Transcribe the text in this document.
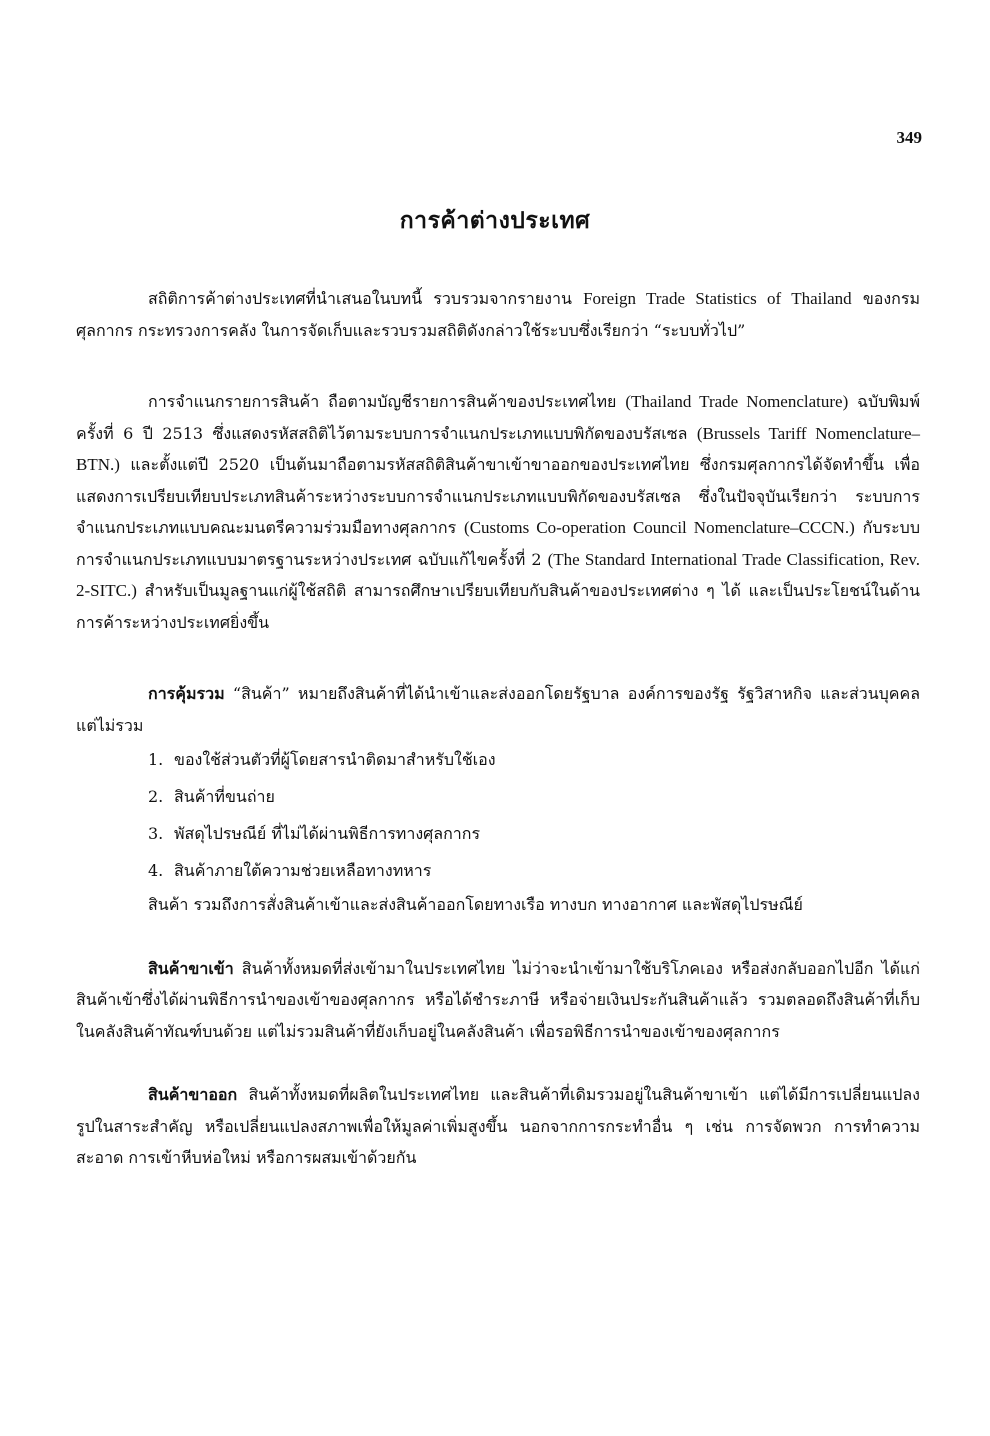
349
การค้าต่างประเทศ

สถิติการค้าต่างประเทศที่นำเสนอในบทนี้ รวบรวมจากรายงาน Foreign Trade Statistics of Thailand ของกรมศุลกากร กระทรวงการคลัง ในการจัดเก็บและรวบรวมสถิติดังกล่าวใช้ระบบซึ่งเรียกว่า “ระบบทั่วไป”

การจำแนกรายการสินค้า ถือตามบัญชีรายการสินค้าของประเทศไทย (Thailand Trade Nomenclature) ฉบับพิมพ์ครั้งที่ 6 ปี 2513 ซึ่งแสดงรหัสสถิติไว้ตามระบบการจำแนกประเภทแบบพิกัดของบรัสเซล (Brussels Tariff Nomenclature–BTN.) และตั้งแต่ปี 2520 เป็นต้นมาถือตามรหัสสถิติสินค้าขาเข้าขาออกของประเทศไทย ซึ่งกรมศุลกากรได้จัดทำขึ้น เพื่อแสดงการเปรียบเทียบประเภทสินค้าระหว่างระบบการจำแนกประเภทแบบพิกัดของบรัสเซล ซึ่งในปัจจุบันเรียกว่า ระบบการจำแนกประเภทแบบคณะมนตรีความร่วมมือทางศุลกากร (Customs Co-operation Council Nomenclature–CCCN.) กับระบบการจำแนกประเภทแบบมาตรฐานระหว่างประเทศ ฉบับแก้ไขครั้งที่ 2 (The Standard International Trade Classification, Rev. 2-SITC.) สำหรับเป็นมูลฐานแก่ผู้ใช้สถิติ สามารถศึกษาเปรียบเทียบกับสินค้าของประเทศต่าง ๆ ได้ และเป็นประโยชน์ในด้านการค้าระหว่างประเทศยิ่งขึ้น

การคุ้มรวม “สินค้า” หมายถึงสินค้าที่ได้นำเข้าและส่งออกโดยรัฐบาล องค์การของรัฐ รัฐวิสาหกิจ และส่วนบุคคล แต่ไม่รวม

1. ของใช้ส่วนตัวที่ผู้โดยสารนำติดมาสำหรับใช้เอง
2. สินค้าที่ขนถ่าย
3. พัสดุไปรษณีย์ ที่ไม่ได้ผ่านพิธีการทางศุลกากร
4. สินค้าภายใต้ความช่วยเหลือทางทหาร

สินค้า รวมถึงการสั่งสินค้าเข้าและส่งสินค้าออกโดยทางเรือ ทางบก ทางอากาศ และพัสดุไปรษณีย์

สินค้าขาเข้า สินค้าทั้งหมดที่ส่งเข้ามาในประเทศไทย ไม่ว่าจะนำเข้ามาใช้บริโภคเอง หรือส่งกลับออกไปอีก ได้แก่สินค้าเข้าซึ่งได้ผ่านพิธีการนำของเข้าของศุลกากร หรือได้ชำระภาษี หรือจ่ายเงินประกันสินค้าแล้ว รวมตลอดถึงสินค้าที่เก็บในคลังสินค้าทัณฑ์บนด้วย แต่ไม่รวมสินค้าที่ยังเก็บอยู่ในคลังสินค้า เพื่อรอพิธีการนำของเข้าของศุลกากร

สินค้าขาออก สินค้าทั้งหมดที่ผลิตในประเทศไทย และสินค้าที่เดิมรวมอยู่ในสินค้าขาเข้า แต่ได้มีการเปลี่ยนแปลงรูปในสาระสำคัญ หรือเปลี่ยนแปลงสภาพเพื่อให้มูลค่าเพิ่มสูงขึ้น นอกจากการกระทำอื่น ๆ เช่น การจัดพวก การทำความสะอาด การเข้าหีบห่อใหม่ หรือการผสมเข้าด้วยกัน
